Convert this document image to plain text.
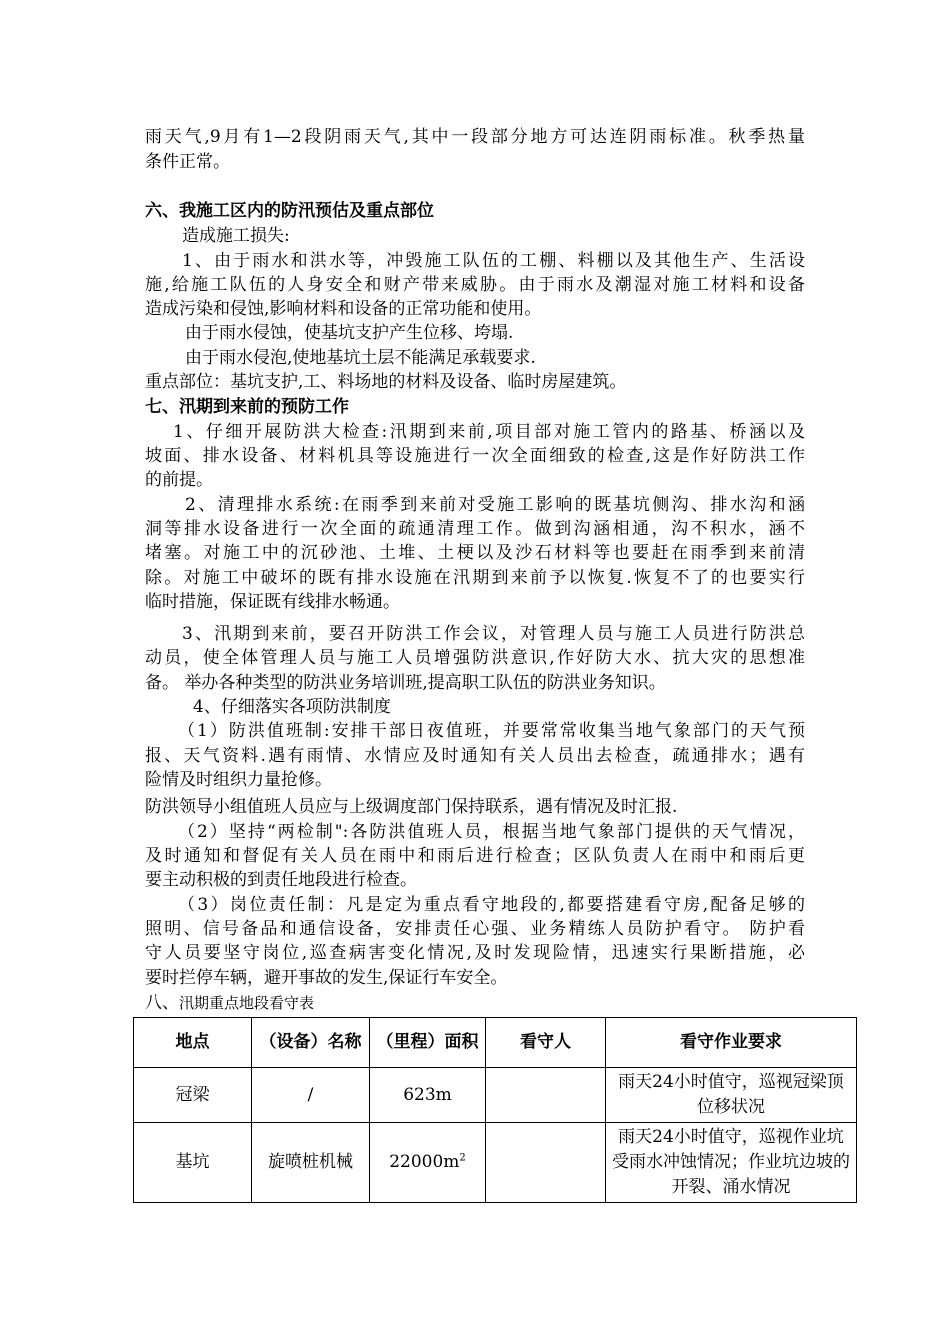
雨天气,9月有1—2段阴雨天气,其中一段部分地方可达连阴雨标准。秋季热量
条件正常。
六、我施工区内的防汛预估及重点部位
造成施工损失:
1、由于雨水和洪水等，冲毁施工队伍的工棚、料棚以及其他生产、生活设
施,给施工队伍的人身安全和财产带来威胁。由于雨水及潮湿对施工材料和设备
造成污染和侵蚀,影响材料和设备的正常功能和使用。
由于雨水侵蚀，使基坑支护产生位移、垮塌.
由于雨水侵泡,使地基坑土层不能满足承载要求.
重点部位：基坑支护,工、料场地的材料及设备、临时房屋建筑。
七、汛期到来前的预防工作
1、仔细开展防洪大检查:汛期到来前,项目部对施工管内的路基、桥涵以及
坡面、排水设备、材料机具等设施进行一次全面细致的检查,这是作好防洪工作
的前提。
2、清理排水系统:在雨季到来前对受施工影响的既基坑侧沟、排水沟和涵
洞等排水设备进行一次全面的疏通清理工作。做到沟涵相通，沟不积水，涵不
堵塞。对施工中的沉砂池、土堆、土梗以及沙石材料等也要赶在雨季到来前清
除。对施工中破坏的既有排水设施在汛期到来前予以恢复.恢复不了的也要实行
临时措施，保证既有线排水畅通。
3、汛期到来前，要召开防洪工作会议，对管理人员与施工人员进行防洪总
动员，使全体管理人员与施工人员增强防洪意识,作好防大水、抗大灾的思想准
备。 举办各种类型的防洪业务培训班,提高职工队伍的防洪业务知识。
4、仔细落实各项防洪制度
（1）防洪值班制:安排干部日夜值班，并要常常收集当地气象部门的天气预
报、天气资料.遇有雨情、水情应及时通知有关人员出去检查，疏通排水；遇有
险情及时组织力量抢修。
防洪领导小组值班人员应与上级调度部门保持联系，遇有情况及时汇报.
（2）坚持“两检制":各防洪值班人员，根据当地气象部门提供的天气情况，
及时通知和督促有关人员在雨中和雨后进行检查；区队负责人在雨中和雨后更
要主动积极的到责任地段进行检查。
（3）岗位责任制：凡是定为重点看守地段的,都要搭建看守房,配备足够的
照明、信号备品和通信设备，安排责任心强、业务精练人员防护看守。 防护看
守人员要坚守岗位,巡查病害变化情况,及时发现险情，迅速实行果断措施，必
要时拦停车辆，避开事故的发生,保证行车安全。
八、汛期重点地段看守表
地点	（设备）名称	（里程）面积	看守人	看守作业要求
冠梁	/	623m		雨天24小时值守，巡视冠梁顶位移状况
基坑	旋喷桩机械	$22000m^2$		雨天24小时值守，巡视作业坑受雨水冲蚀情况；作业坑边坡的开裂、涌水情况
